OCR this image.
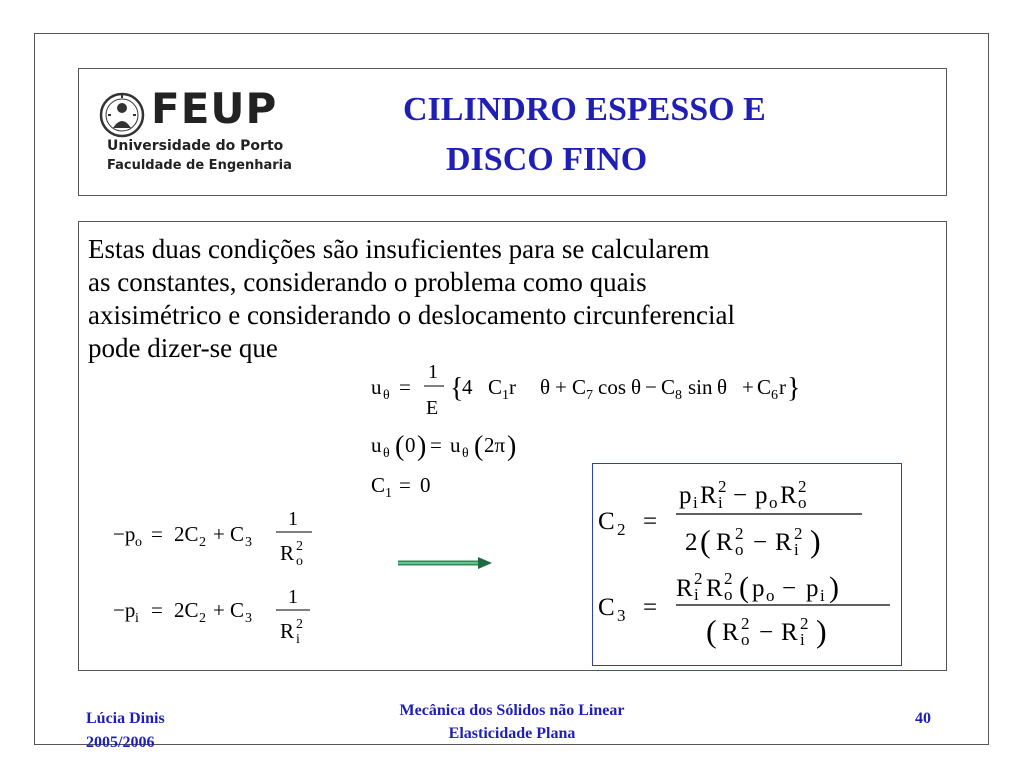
FEUP
Universidade do Porto
Faculdade de Engenharia
CILINDRO ESPESSO E
DISCO FINO
Estas duas condições são insuficientes para se calcularem
as constantes, considerando o problema como quais
axisimétrico e considerando o deslocamento circunferencial
pode dizer-se que
u θ =
1
E
{
4 C 1 r θ + C 7 cos θ − C 8 sin θ + C 6 r }
u θ ( 0 ) = u θ ( 2π )
C 1 = 0
−p o = 2C 2 + C 3
1
R 2
o
−p i = 2C 2 + C 3
1
R 2
i
C 2 =
p i R 2
i − p o R 2
o
2 ( R 2
o − R 2
i )
C 3 =
R 2
i R 2
o ( p o − p i )
( R 2
o − R 2
i )
Lúcia Dinis
2005/2006
Mecânica dos Sólidos não Linear
Elasticidade Plana
40
